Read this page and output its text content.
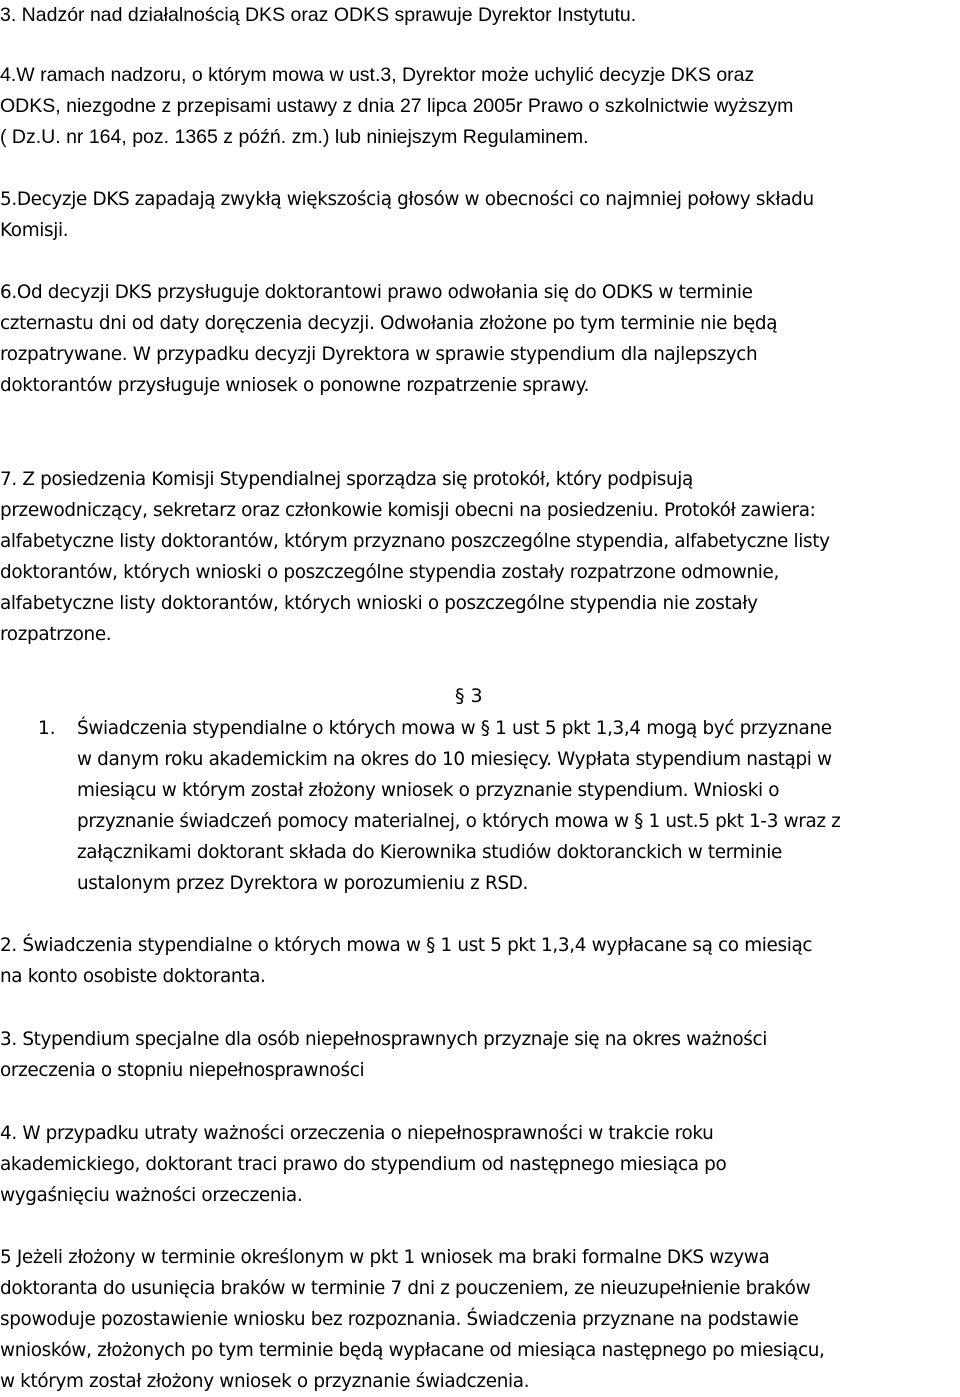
3. Nadzór nad działalnością DKS oraz ODKS sprawuje Dyrektor Instytutu.
4.W ramach nadzoru, o którym mowa w ust.3, Dyrektor może uchylić decyzje DKS oraz
ODKS, niezgodne z przepisami ustawy z dnia 27 lipca 2005r Prawo o szkolnictwie wyższym
( Dz.U. nr 164, poz. 1365 z późń. zm.) lub niniejszym Regulaminem.
5.Decyzje DKS zapadają zwykłą większością głosów w obecności co najmniej połowy składu
Komisji.
6.Od decyzji DKS przysługuje doktorantowi prawo odwołania się do ODKS w terminie
czternastu dni od daty doręczenia decyzji. Odwołania złożone po tym terminie nie będą
rozpatrywane. W przypadku decyzji Dyrektora w sprawie stypendium dla najlepszych
doktorantów przysługuje wniosek o ponowne rozpatrzenie sprawy.
7. Z posiedzenia Komisji Stypendialnej sporządza się protokół, który podpisują
przewodniczący, sekretarz oraz członkowie komisji obecni na posiedzeniu. Protokół zawiera:
alfabetyczne listy doktorantów, którym przyznano poszczególne stypendia, alfabetyczne listy
doktorantów, których wnioski o poszczególne stypendia zostały rozpatrzone odmownie,
alfabetyczne listy doktorantów, których wnioski o poszczególne stypendia nie zostały
rozpatrzone.
§ 3
1. Świadczenia stypendialne o których mowa w § 1 ust 5 pkt 1,3,4 mogą być przyznane
w danym roku akademickim na okres do 10 miesięcy. Wypłata stypendium nastąpi w
miesiącu w którym został złożony wniosek o przyznanie stypendium. Wnioski o
przyznanie świadczeń pomocy materialnej, o których mowa w § 1 ust.5 pkt 1-3 wraz z
załącznikami doktorant składa do Kierownika studiów doktoranckich w terminie
ustalonym przez Dyrektora w porozumieniu z RSD.
2. Świadczenia stypendialne o których mowa w § 1 ust 5 pkt 1,3,4 wypłacane są co miesiąc
na konto osobiste doktoranta.
3. Stypendium specjalne dla osób niepełnosprawnych przyznaje się na okres ważności
orzeczenia o stopniu niepełnosprawności
4. W przypadku utraty ważności orzeczenia o niepełnosprawności w trakcie roku
akademickiego, doktorant traci prawo do stypendium od następnego miesiąca po
wygaśnięciu ważności orzeczenia.
5 Jeżeli złożony w terminie określonym w pkt 1 wniosek ma braki formalne DKS wzywa
doktoranta do usunięcia braków w terminie 7 dni z pouczeniem, ze nieuzupełnienie braków
spowoduje pozostawienie wniosku bez rozpoznania. Świadczenia przyznane na podstawie
wniosków, złożonych po tym terminie będą wypłacane od miesiąca następnego po miesiącu,
w którym został złożony wniosek o przyznanie świadczenia.
